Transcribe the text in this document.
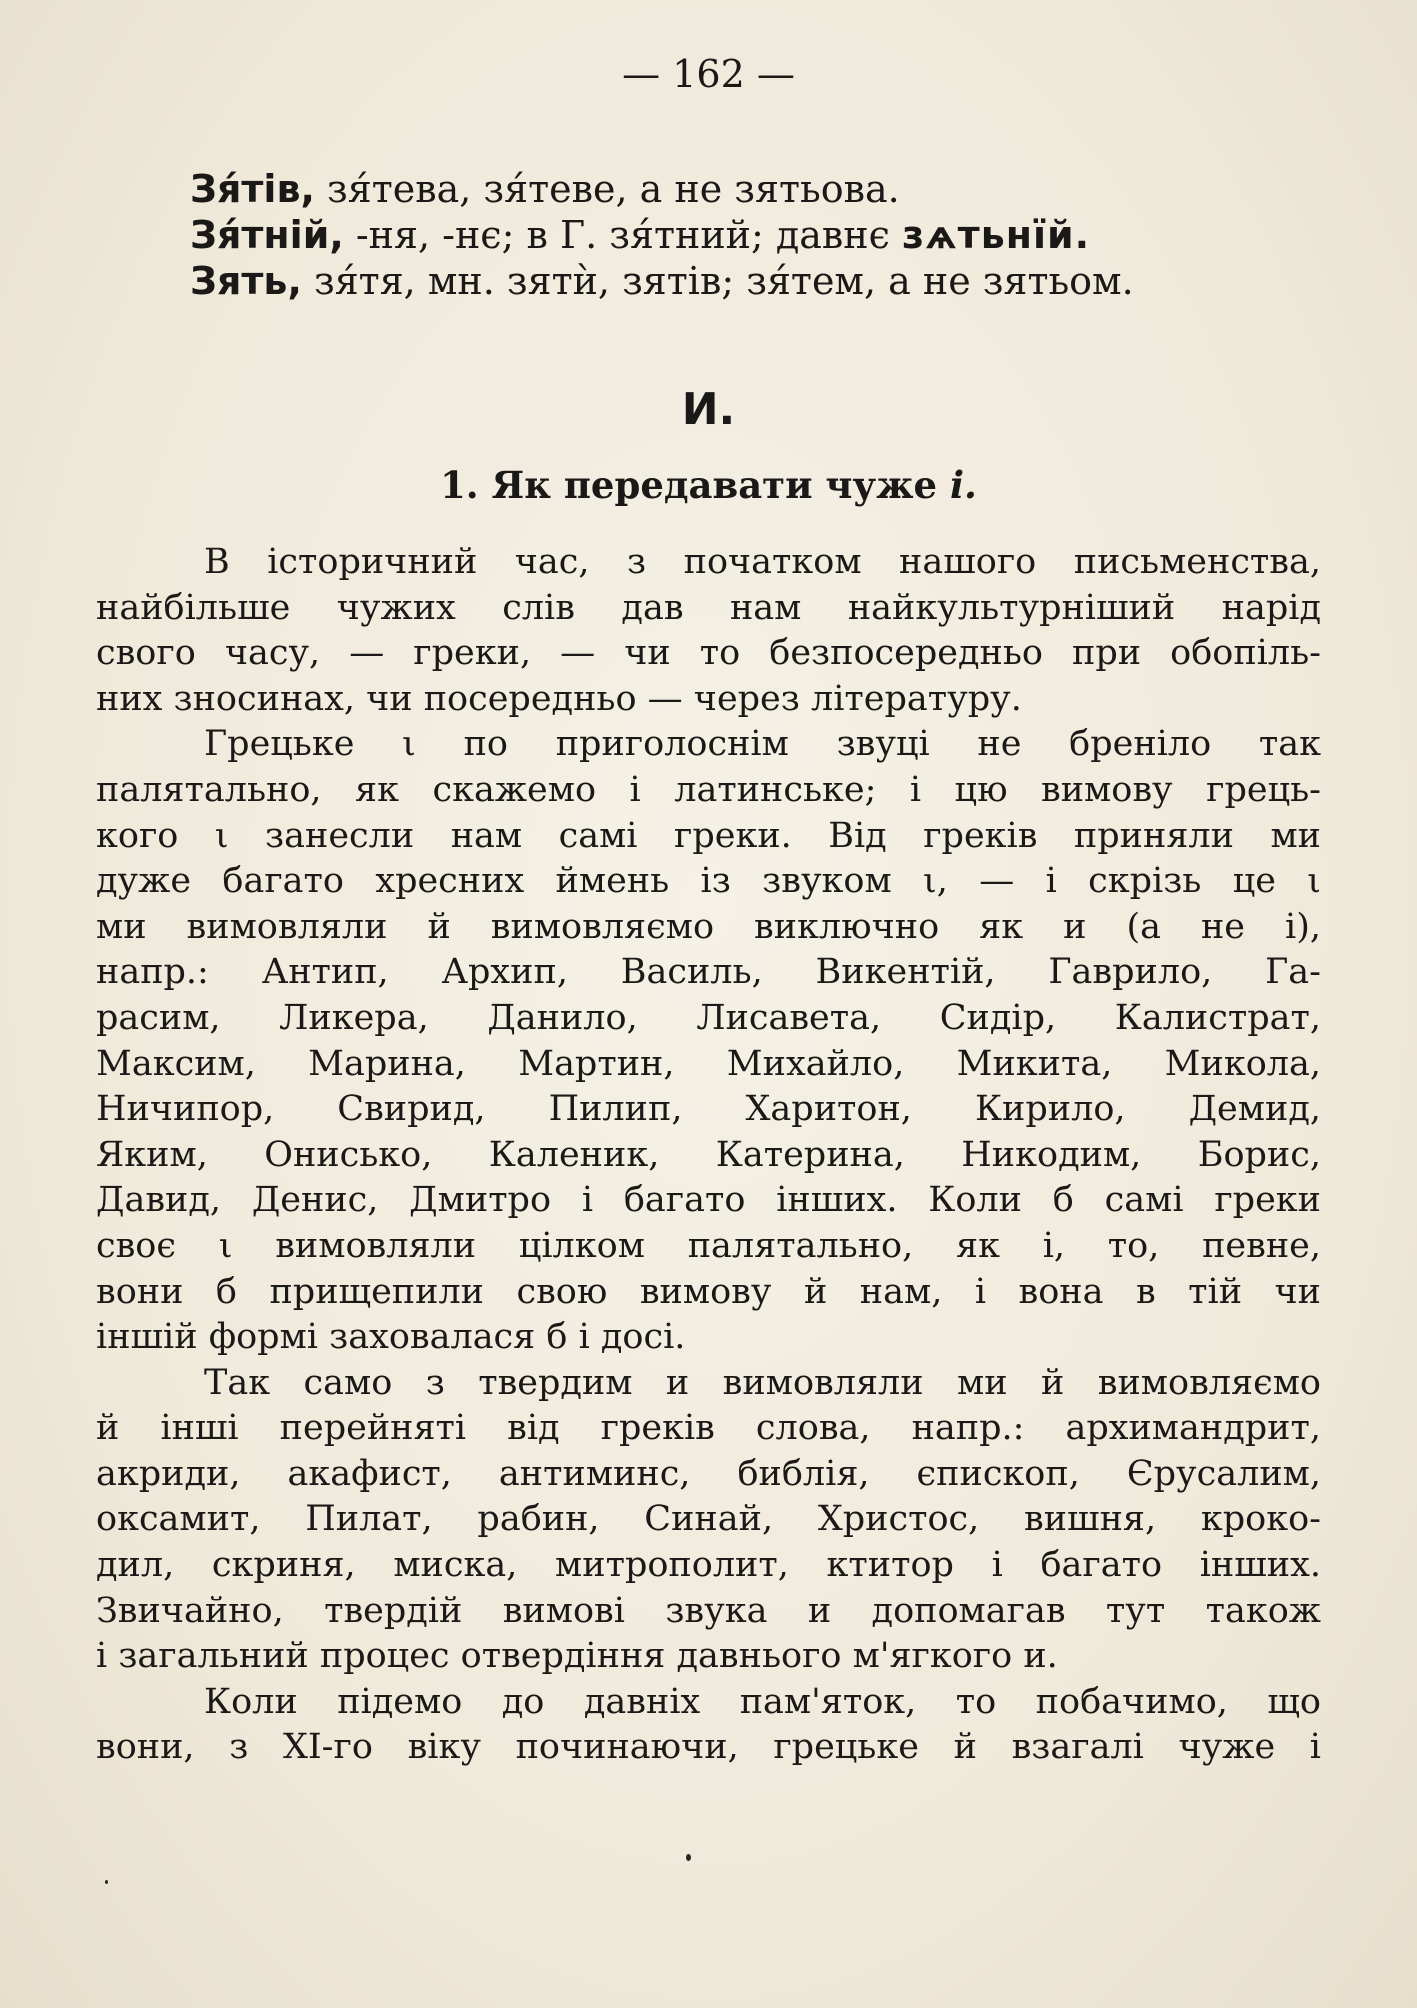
— 162 —
Зя́тів, зя́тева, зя́теве, а не зятьова.
Зя́тній, -ня, -нє; в Г. зя́тний; давнє зѧтьнїй.
Зять, зя́тя, мн. зятѝ, зятів; зя́тем, а не зятьом.
И.
1. Як передавати чуже і.
В історичний час, з початком нашого письменства,
найбільше чужих слів дав нам найкультурніший нарід
свого часу, — греки, — чи то безпосередньо при обопіль-
них зносинах, чи посередньо — через літературу.
Грецьке ι по приголоснім звуці не бреніло так
палятально, як скажемо і латинське; і цю вимову грець-
кого ι занесли нам самі греки. Від греків приняли ми
дуже багато хресних ймень із звуком ι, — і скрізь це ι
ми вимовляли й вимовляємо виключно як и (а не і),
напр.: Антип, Архип, Василь, Викентій, Гаврило, Га-
расим, Ликера, Данило, Лисавета, Сидір, Калистрат,
Максим, Марина, Мартин, Михайло, Микита, Микола,
Ничипор, Свирид, Пилип, Харитон, Кирило, Демид,
Яким, Онисько, Каленик, Катерина, Никодим, Борис,
Давид, Денис, Дмитро і багато інших. Коли б самі греки
своє ι вимовляли цілком палятально, як і, то, певне,
вони б прищепили свою вимову й нам, і вона в тій чи
іншій формі заховалася б і досі.
Так само з твердим и вимовляли ми й вимовляємо
й інші перейняті від греків слова, напр.: архимандрит,
акриди, акафист, антиминс, библія, єпископ, Єрусалим,
оксамит, Пилат, рабин, Синай, Христос, вишня, кроко-
дил, скриня, миска, митрополит, ктитор і багато інших.
Звичайно, твердій вимові звука и допомагав тут також
і загальний процес отвердіння давнього м'ягкого и.
Коли підемо до давніх пам'яток, то побачимо, що
вони, з XI-го віку починаючи, грецьке й взагалі чуже і
